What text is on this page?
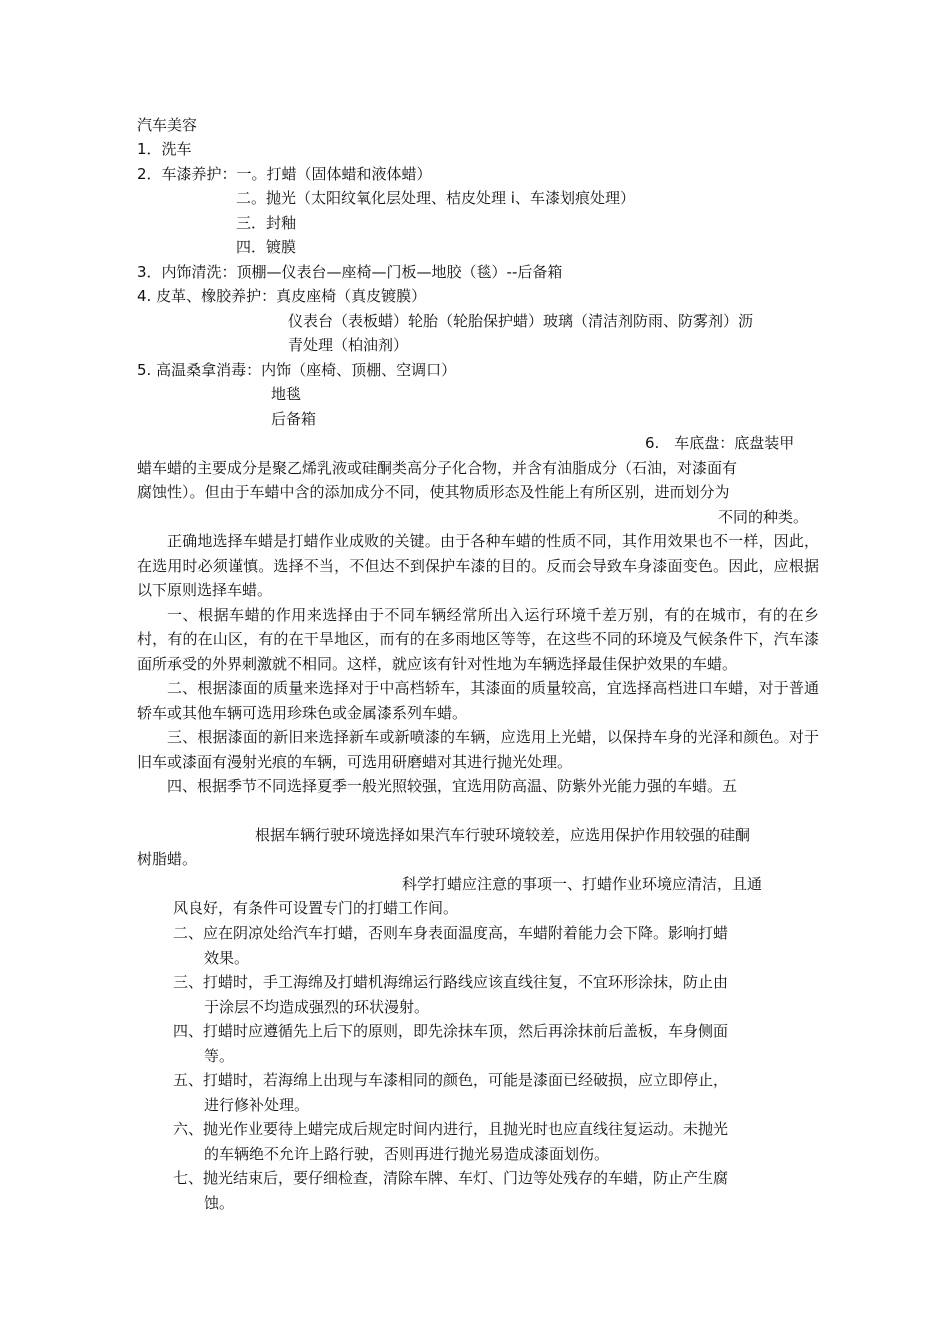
汽车美容
1．洗车
2．车漆养护：一。打蜡（固体蜡和液体蜡）
二。抛光（太阳纹氧化层处理、桔皮处理 i、车漆划痕处理）
三．封釉
四．镀膜
3．内饰清洗：顶棚—仪表台—座椅—门板—地胶（毯）--后备箱
4. 皮革、橡胶养护：真皮座椅（真皮镀膜）
仪表台（表板蜡）轮胎（轮胎保护蜡）玻璃（清洁剂防雨、防雾剂）沥
青处理（柏油剂）
5. 高温桑拿消毒：内饰（座椅、顶棚、空调口）
地毯
后备箱
6.　车底盘：底盘装甲
蜡车蜡的主要成分是聚乙烯乳液或硅酮类高分子化合物，并含有油脂成分（石油，对漆面有
腐蚀性）。但由于车蜡中含的添加成分不同，使其物质形态及性能上有所区别，进而划分为
不同的种类。

正确地选择车蜡是打蜡作业成败的关键。由于各种车蜡的性质不同，其作用效果也不一样，因此，在选用时必须谨慎。选择不当，不但达不到保护车漆的目的。反而会导致车身漆面变色。因此，应根据以下原则选择车蜡。

一、根据车蜡的作用来选择由于不同车辆经常所出入运行环境千差万别，有的在城市，有的在乡村，有的在山区，有的在干旱地区，而有的在多雨地区等等，在这些不同的环境及气候条件下，汽车漆面所承受的外界刺激就不相同。这样，就应该有针对性地为车辆选择最佳保护效果的车蜡。

二、根据漆面的质量来选择对于中高档轿车，其漆面的质量较高，宜选择高档进口车蜡，对于普通轿车或其他车辆可选用珍珠色或金属漆系列车蜡。

三、根据漆面的新旧来选择新车或新喷漆的车辆，应选用上光蜡，以保持车身的光泽和颜色。对于旧车或漆面有漫射光痕的车辆，可选用研磨蜡对其进行抛光处理。

四、根据季节不同选择夏季一般光照较强，宜选用防高温、防紫外光能力强的车蜡。五

根据车辆行驶环境选择如果汽车行驶环境较差，应选用保护作用较强的硅酮
树脂蜡。
科学打蜡应注意的事项一、打蜡作业环境应清洁，且通
风良好，有条件可设置专门的打蜡工作间。
二、应在阴凉处给汽车打蜡，否则车身表面温度高，车蜡附着能力会下降。影响打蜡
效果。
三、打蜡时，手工海绵及打蜡机海绵运行路线应该直线往复，不宜环形涂抹，防止由
于涂层不均造成强烈的环状漫射。
四、打蜡时应遵循先上后下的原则，即先涂抹车顶，然后再涂抹前后盖板，车身侧面
等。
五、打蜡时，若海绵上出现与车漆相同的颜色，可能是漆面已经破损，应立即停止，
进行修补处理。
六、抛光作业要待上蜡完成后规定时间内进行，且抛光时也应直线往复运动。未抛光
的车辆绝不允许上路行驶，否则再进行抛光易造成漆面划伤。
七、抛光结束后，要仔细检查，清除车牌、车灯、门边等处残存的车蜡，防止产生腐
蚀。
